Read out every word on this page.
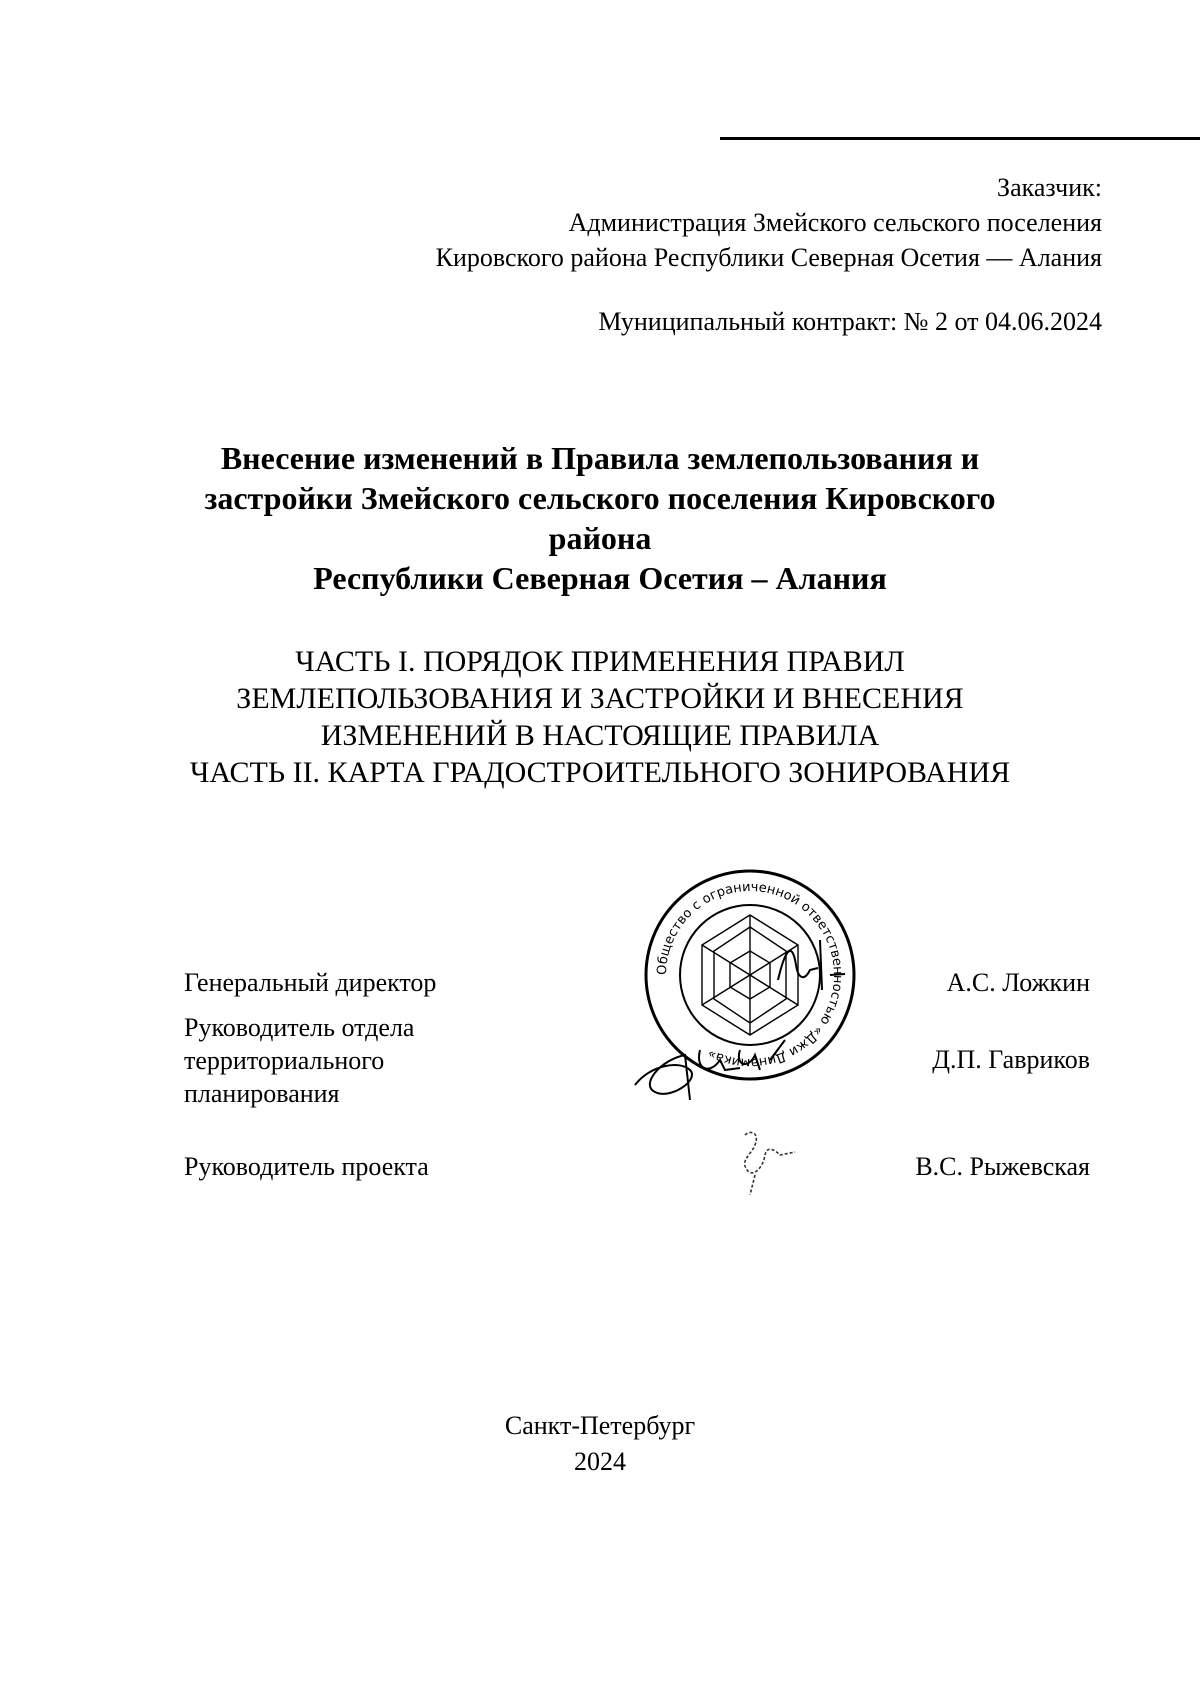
Заказчик:
Администрация Змейского сельского поселения
Кировского района Республики Северная Осетия — Алания
Муниципальный контракт: № 2 от 04.06.2024
Внесение изменений в Правила землепользования и
застройки Змейского сельского поселения Кировского
района
Республики Северная Осетия – Алания
ЧАСТЬ I. ПОРЯДОК ПРИМЕНЕНИЯ ПРАВИЛ
ЗЕМЛЕПОЛЬЗОВАНИЯ И ЗАСТРОЙКИ И ВНЕСЕНИЯ
ИЗМЕНЕНИЙ В НАСТОЯЩИЕ ПРАВИЛА
ЧАСТЬ II. КАРТА ГРАДОСТРОИТЕЛЬНОГО ЗОНИРОВАНИЯ
Генеральный директор	А.С. Ложкин
Руководитель отдела
территориального
планирования
Д.П. Гавриков
Руководитель проекта	В.С. Рыжевская
Общество с ограниченной ответственностью «Джи Динамика»
Санкт-Петербург
2024
